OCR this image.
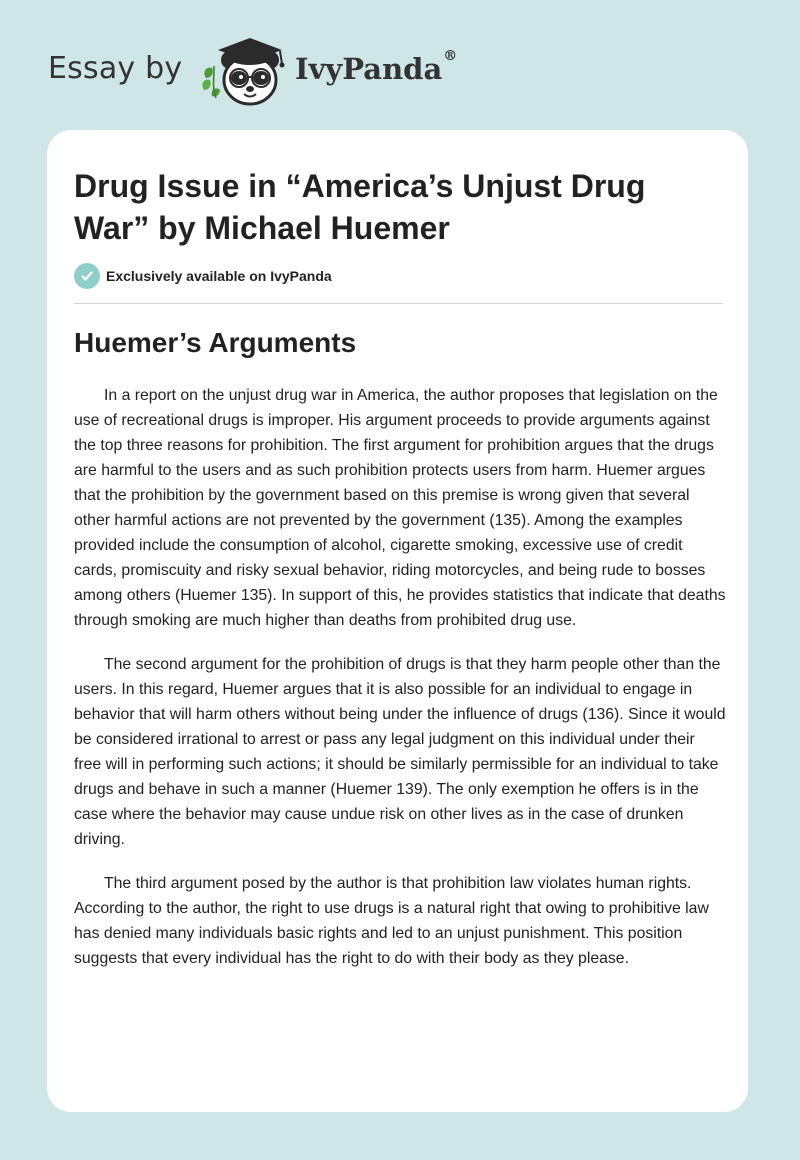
Essay by	IvyPanda®
Drug Issue in “America’s Unjust Drug War” by Michael Huemer
Exclusively available on IvyPanda
Huemer’s Arguments

In a report on the unjust drug war in America, the author proposes that legislation on the use of recreational drugs is improper. His argument proceeds to provide arguments against the top three reasons for prohibition. The first argument for prohibition argues that the drugs are harmful to the users and as such prohibition protects users from harm. Huemer argues that the prohibition by the government based on this premise is wrong given that several other harmful actions are not prevented by the government (135). Among the examples provided include the consumption of alcohol, cigarette smoking, excessive use of credit cards, promiscuity and risky sexual behavior, riding motorcycles, and being rude to bosses among others (Huemer 135). In support of this, he provides statistics that indicate that deaths through smoking are much higher than deaths from prohibited drug use.

The second argument for the prohibition of drugs is that they harm people other than the users. In this regard, Huemer argues that it is also possible for an individual to engage in behavior that will harm others without being under the influence of drugs (136). Since it would be considered irrational to arrest or pass any legal judgment on this individual under their free will in performing such actions; it should be similarly permissible for an individual to take drugs and behave in such a manner (Huemer 139). The only exemption he offers is in the case where the behavior may cause undue risk on other lives as in the case of drunken driving.

The third argument posed by the author is that prohibition law violates human rights. According to the author, the right to use drugs is a natural right that owing to prohibitive law has denied many individuals basic rights and led to an unjust punishment. This position suggests that every individual has the right to do with their body as they please.
